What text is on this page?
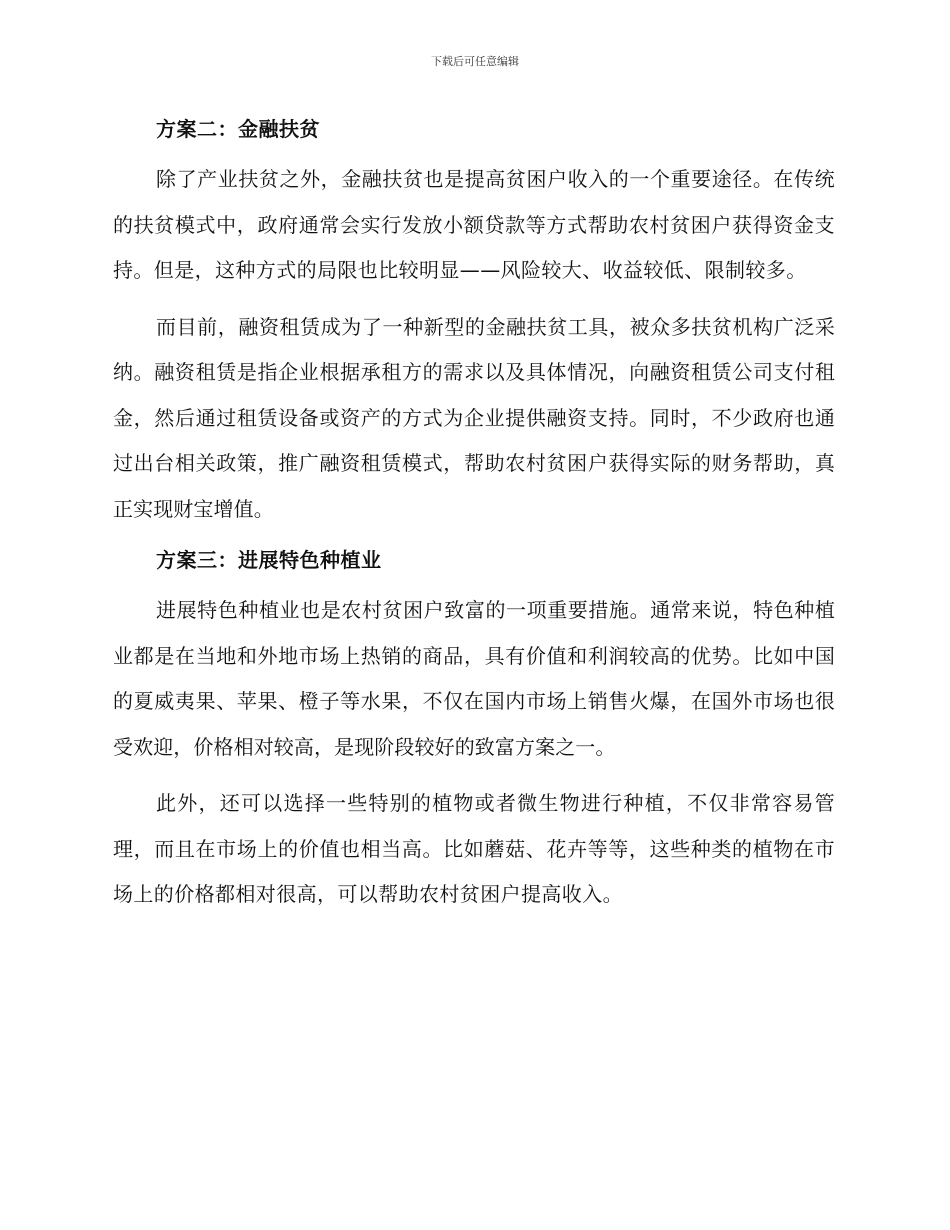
下载后可任意编辑
方案二：金融扶贫

除了产业扶贫之外，金融扶贫也是提高贫困户收入的一个重要途径。在传统的扶贫模式中，政府通常会实行发放小额贷款等方式帮助农村贫困户获得资金支持。但是，这种方式的局限也比较明显——风险较大、收益较低、限制较多。

而目前，融资租赁成为了一种新型的金融扶贫工具，被众多扶贫机构广泛采纳。融资租赁是指企业根据承租方的需求以及具体情况，向融资租赁公司支付租金，然后通过租赁设备或资产的方式为企业提供融资支持。同时，不少政府也通过出台相关政策，推广融资租赁模式，帮助农村贫困户获得实际的财务帮助，真正实现财宝增值。

方案三：进展特色种植业

进展特色种植业也是农村贫困户致富的一项重要措施。通常来说，特色种植业都是在当地和外地市场上热销的商品，具有价值和利润较高的优势。比如中国的夏威夷果、苹果、橙子等水果，不仅在国内市场上销售火爆，在国外市场也很受欢迎，价格相对较高，是现阶段较好的致富方案之一。

此外，还可以选择一些特别的植物或者微生物进行种植，不仅非常容易管理，而且在市场上的价值也相当高。比如蘑菇、花卉等等，这些种类的植物在市场上的价格都相对很高，可以帮助农村贫困户提高收入。
